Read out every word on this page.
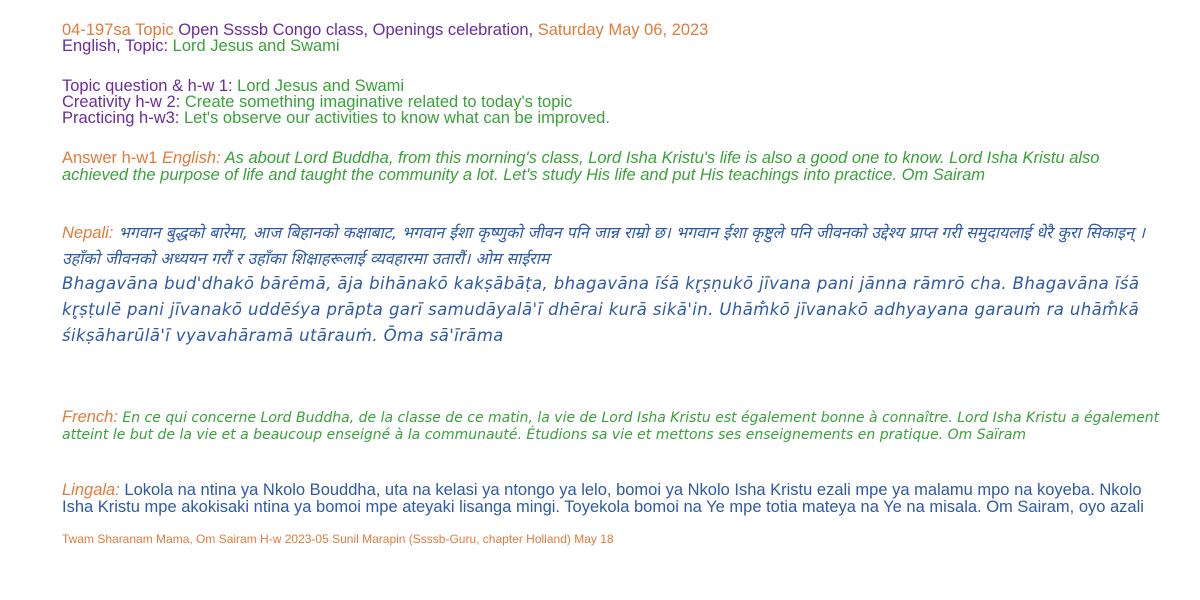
04-197sa Topic Open Ssssb Congo class, Openings celebration, Saturday May 06, 2023
English, Topic: Lord Jesus and Swami
Topic question & h-w 1: Lord Jesus and Swami
Creativity h-w 2: Create something imaginative related to today's topic
Practicing h-w3: Let's observe our activities to know what can be improved.
Answer h-w1 English: As about Lord Buddha, from this morning's class, Lord Isha Kristu's life is also a good one to know. Lord Isha Kristu also achieved the purpose of life and taught the community a lot. Let's study His life and put His teachings into practice. Om Sairam
Nepali: भगवान बुद्धको बारेमा, आज बिहानको कक्षाबाट, भगवान ईशा कृष्णुको जीवन पनि जान्न राम्रो छ। भगवान ईशा कृष्टुले पनि जीवनको उद्देश्य प्राप्त गरी समुदायलाई धेरै कुरा सिकाइन् । उहाँको जीवनको अध्ययन गरौं र उहाँका शिक्षाहरूलाई व्यवहारमा उतारौं। ओम साईराम
Bhagavāna bud'dhakō bārēmā, āja bihānakō kakṣābāṭa, bhagavāna īśā kr̥ṣṇukō jīvana pani jānna rāmrō cha. Bhagavāna īśā kr̥ṣṭulē pani jīvanakō uddēśya prāpta garī samudāyalā'ī dhērai kurā sikā'in. Uhām̐kō jīvanakō adhyayana garauṁ ra uhām̐kā śikṣāharūlā'ī vyavahāramā utārauṁ. Ōma sā'īrāma
French: En ce qui concerne Lord Buddha, de la classe de ce matin, la vie de Lord Isha Kristu est également bonne à connaître. Lord Isha Kristu a également atteint le but de la vie et a beaucoup enseigné à la communauté. Étudions sa vie et mettons ses enseignements en pratique. Om Saïram
Lingala: Lokola na ntina ya Nkolo Bouddha, uta na kelasi ya ntongo ya lelo, bomoi ya Nkolo Isha Kristu ezali mpe ya malamu mpo na koyeba. Nkolo Isha Kristu mpe akokisaki ntina ya bomoi mpe ateyaki lisanga mingi. Toyekola bomoi na Ye mpe totia mateya na Ye na misala. Om Sairam, oyo azali
Twam Sharanam Mama, Om Sairam H-w 2023-05 Sunil Marapin (Ssssb-Guru, chapter Holland) May 18
